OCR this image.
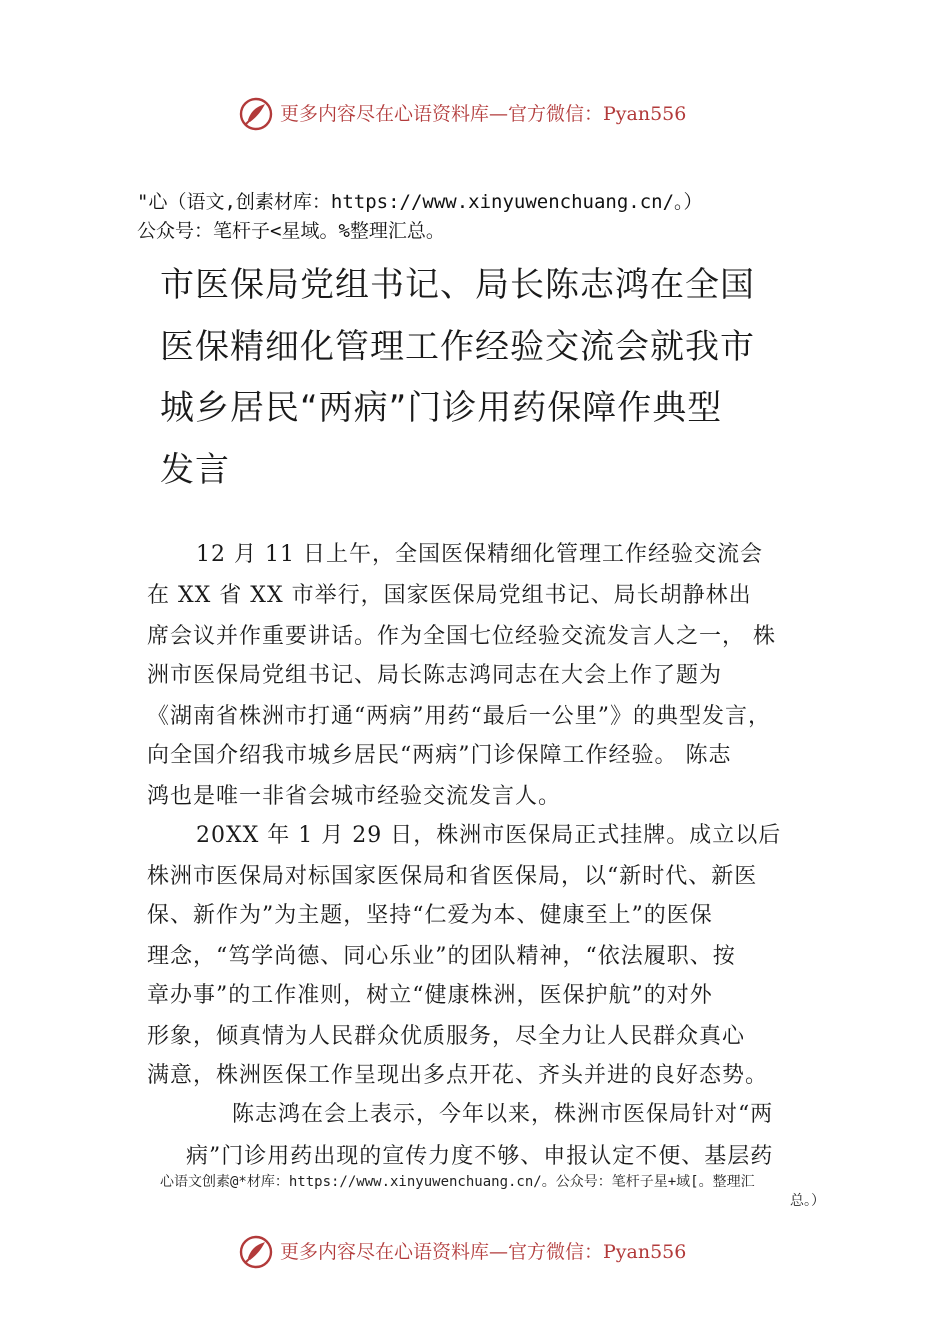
更多内容尽在心语资料库—官方微信：Pyan556
"心（语文,创素材库：https://www.xinyuwenchuang.cn/。）
公众号：笔杆子<星域。%整理汇总。
市医保局党组书记、局长陈志鸿在全国
医保精细化管理工作经验交流会就我市
城乡居民“两病”门诊用药保障作典型
发言
12 月 11 日上午，全国医保精细化管理工作经验交流会
在 XX 省 XX 市举行，国家医保局党组书记、局长胡静林出
席会议并作重要讲话。作为全国七位经验交流发言人之一， 株
洲市医保局党组书记、局长陈志鸿同志在大会上作了题为
《湖南省株洲市打通“两病”用药“最后一公里”》的典型发言，
向全国介绍我市城乡居民“两病”门诊保障工作经验。 陈志
鸿也是唯一非省会城市经验交流发言人。
20XX 年 1 月 29 日，株洲市医保局正式挂牌。成立以后
株洲市医保局对标国家医保局和省医保局，以“新时代、新医
保、新作为”为主题，坚持“仁爱为本、健康至上”的医保
理念，“笃学尚德、同心乐业”的团队精神，“依法履职、按
章办事”的工作准则，树立“健康株洲，医保护航”的对外
形象，倾真情为人民群众优质服务，尽全力让人民群众真心
满意，株洲医保工作呈现出多点开花、齐头并进的良好态势。
陈志鸿在会上表示，今年以来，株洲市医保局针对“两
病”门诊用药出现的宣传力度不够、申报认定不便、基层药
心语文创素@*材库：https://www.xinyuwenchuang.cn/。公众号：笔杆子星+域[。整理汇
总。）
更多内容尽在心语资料库—官方微信：Pyan556
